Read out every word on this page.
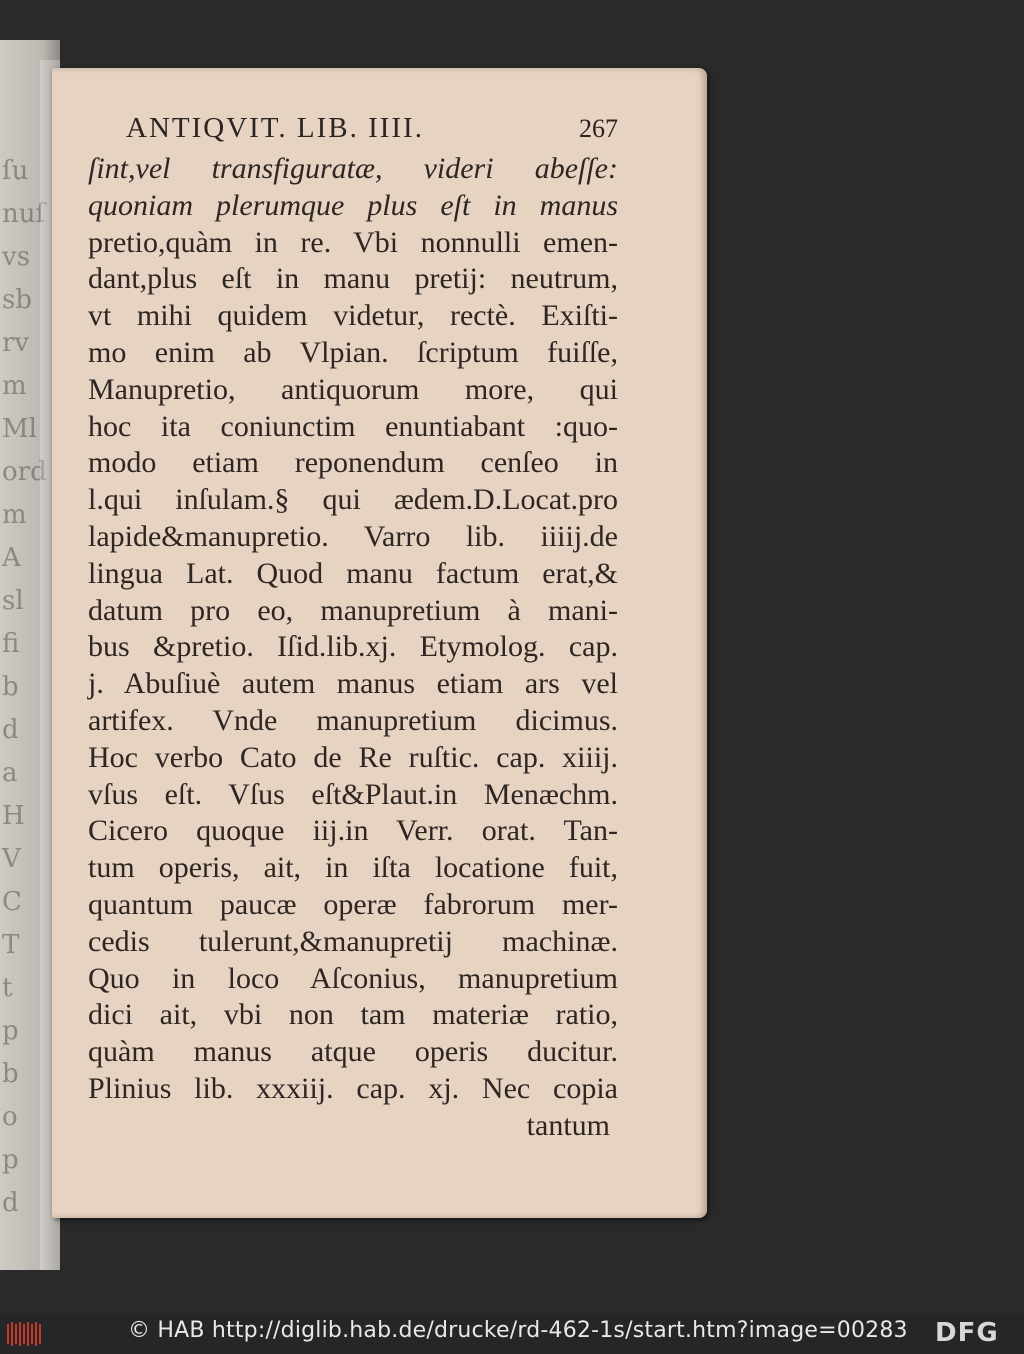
ſu
nuſ
vs
sb
rv
m
Ml
ord
m
A
sl
fi
b
d
a
H
V
C
T
t
p
b
o
p
d
ANTIQVIT. LIB. IIII.	267
ſint,vel transfiguratæ, videri abeſſe:
quoniam plerumque plus eſt in manus
pretio,quàm in re. Vbi nonnulli emen-
dant,plus eſt in manu pretij: neutrum,
vt mihi quidem videtur, rectè. Exiſti-
mo enim ab Vlpian. ſcriptum fuiſſe,
Manupretio, antiquorum more, qui
hoc ita coniunctim enuntiabant :quo-
modo etiam reponendum cenſeo in
l.qui inſulam.§ qui ædem.D.Locat.pro
lapide&manupretio. Varro lib. iiiij.de
lingua Lat. Quod manu factum erat,&
datum pro eo, manupretium à mani-
bus &pretio. Iſid.lib.xj. Etymolog. cap.
j. Abuſiuè autem manus etiam ars vel
artifex. Vnde manupretium dicimus.
Hoc verbo Cato de Re ruſtic. cap. xiiij.
vſus eſt. Vſus eſt&Plaut.in Menæchm.
Cicero quoque iij.in Verr. orat. Tan-
tum operis, ait, in iſta locatione fuit,
quantum paucæ operæ fabrorum mer-
cedis tulerunt,&manupretij machinæ.
Quo in loco Aſconius, manupretium
dici ait, vbi non tam materiæ ratio,
quàm manus atque operis ducitur.
Plinius lib. xxxiij. cap. xj. Nec copia
tantum
© HAB http://diglib.hab.de/drucke/rd-462-1s/start.htm?image=00283 DFG
